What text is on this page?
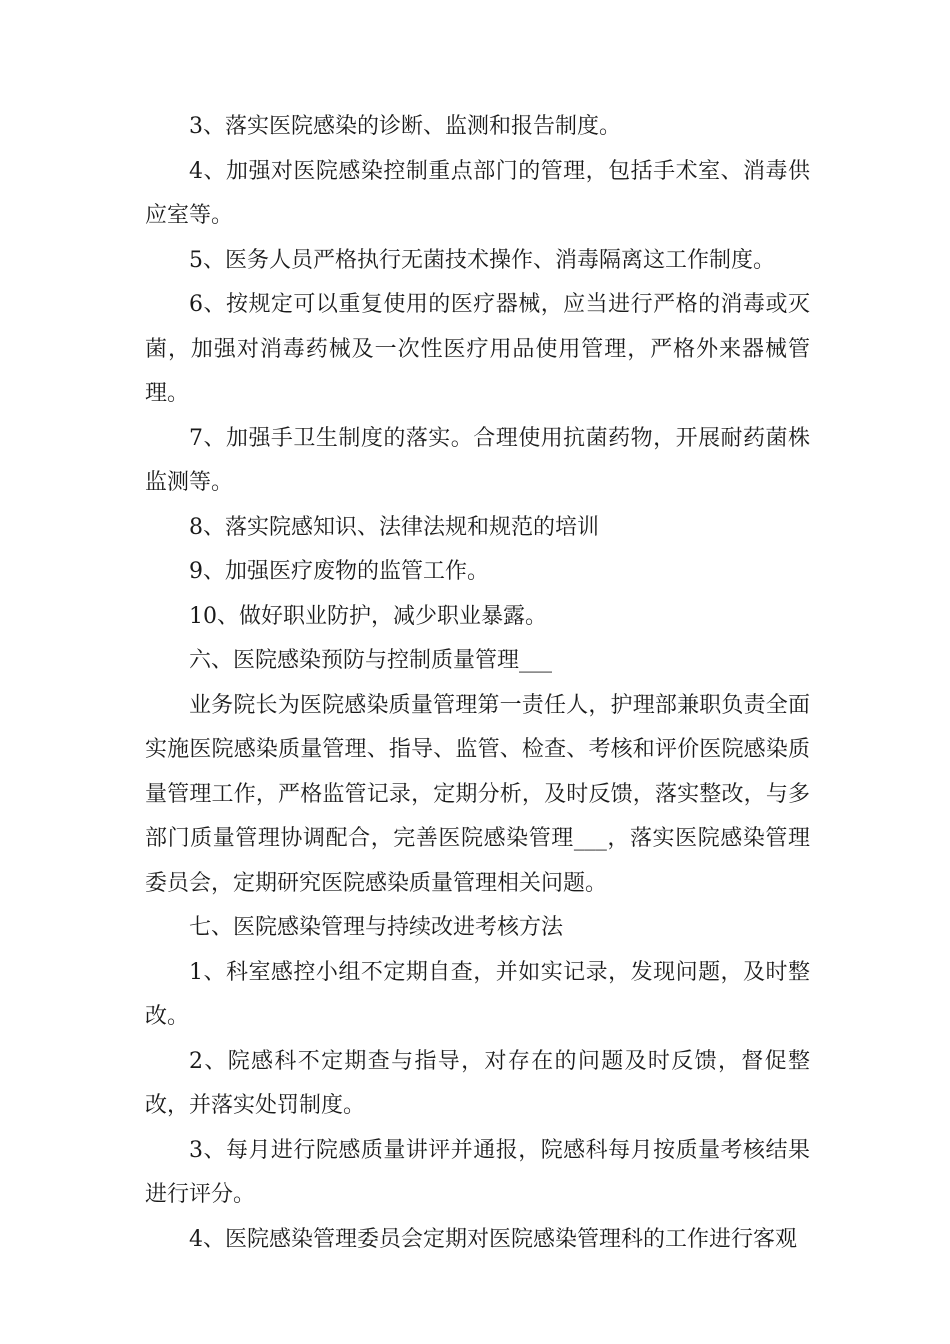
3、落实医院感染的诊断、监测和报告制度。

4、加强对医院感染控制重点部门的管理，包括手术室、消毒供应室等。

5、医务人员严格执行无菌技术操作、消毒隔离这工作制度。

6、按规定可以重复使用的医疗器械，应当进行严格的消毒或灭菌，加强对消毒药械及一次性医疗用品使用管理，严格外来器械管理。

7、加强手卫生制度的落实。合理使用抗菌药物，开展耐药菌株监测等。

8、落实院感知识、法律法规和规范的培训

9、加强医疗废物的监管工作。

10、做好职业防护，减少职业暴露。

六、医院感染预防与控制质量管理___

业务院长为医院感染质量管理第一责任人，护理部兼职负责全面实施医院感染质量管理、指导、监管、检查、考核和评价医院感染质量管理工作，严格监管记录，定期分析，及时反馈，落实整改，与多部门质量管理协调配合，完善医院感染管理___，落实医院感染管理委员会，定期研究医院感染质量管理相关问题。

七、医院感染管理与持续改进考核方法

1、科室感控小组不定期自查，并如实记录，发现问题，及时整改。

2、院感科不定期查与指导，对存在的问题及时反馈，督促整改，并落实处罚制度。

3、每月进行院感质量讲评并通报，院感科每月按质量考核结果进行评分。

4、医院感染管理委员会定期对医院感染管理科的工作进行客观
